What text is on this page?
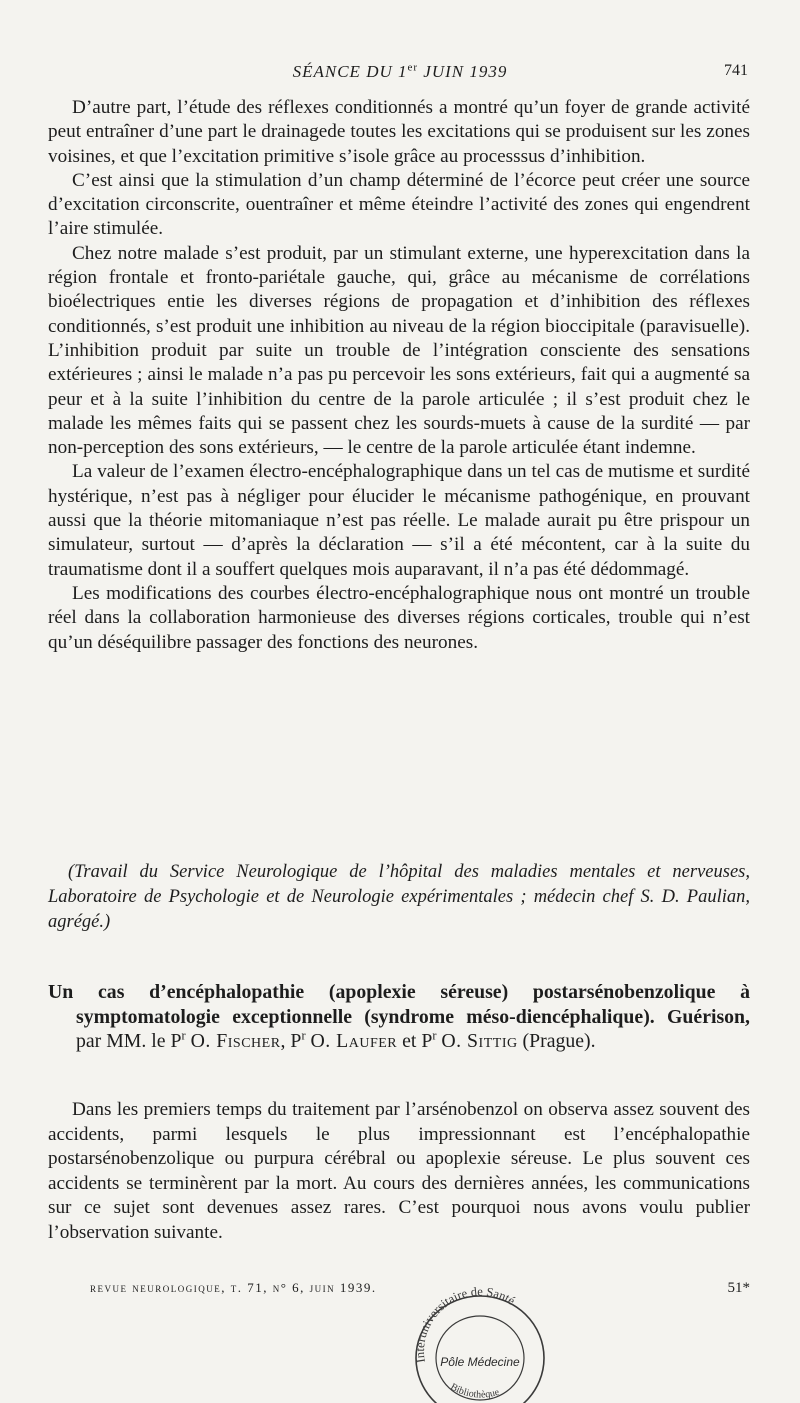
SÉANCE DU 1er JUIN 1939	741

D’autre part, l’étude des réflexes conditionnés a montré qu’un foyer de grande activité peut entraîner d’une part le drainagede toutes les excitations qui se produisent sur les zones voisines, et que l’excitation primitive s’isole grâce au processsus d’inhibition.

C’est ainsi que la stimulation d’un champ déterminé de l’écorce peut créer une source d’excitation circonscrite, ouentraîner et même éteindre l’activité des zones qui engendrent l’aire stimulée.

Chez notre malade s’est produit, par un stimulant externe, une hyperexcitation dans la région frontale et fronto-pariétale gauche, qui, grâce au mécanisme de corrélations bioélectriques entie les diverses régions de propagation et d’inhibition des réflexes conditionnés, s’est produit une inhibition au niveau de la région bioccipitale (paravisuelle). L’inhibition produit par suite un trouble de l’intégration consciente des sensations extérieures ; ainsi le malade n’a pas pu percevoir les sons extérieurs, fait qui a augmenté sa peur et à la suite l’inhibition du centre de la parole articulée ; il s’est produit chez le malade les mêmes faits qui se passent chez les sourds-muets à cause de la surdité — par non-perception des sons extérieurs, — le centre de la parole articulée étant indemne.

La valeur de l’examen électro-encéphalographique dans un tel cas de mutisme et surdité hystérique, n’est pas à négliger pour élucider le mécanisme pathogénique, en prouvant aussi que la théorie mitomaniaque n’est pas réelle. Le malade aurait pu être prispour un simulateur, surtout — d’après la déclaration — s’il a été mécontent, car à la suite du traumatisme dont il a souffert quelques mois auparavant, il n’a pas été dédommagé.

Les modifications des courbes électro-encéphalographique nous ont montré un trouble réel dans la collaboration harmonieuse des diverses régions corticales, trouble qui n’est qu’un déséquilibre passager des fonctions des neurones.

(Travail du Service Neurologique de l’hôpital des maladies mentales et nerveuses, Laboratoire de Psychologie et de Neurologie expérimentales ; médecin chef S. D. Paulian, agrégé.)

Un cas d’encéphalopathie (apoplexie séreuse) postarsénobenzolique à symptomatologie exceptionnelle (syndrome méso-diencéphalique). Guérison, par MM. le $P^r$ O. Fischer, $P^r$ O. Laufer et $P^r$ O. Sittig (Prague).

Dans les premiers temps du traitement par l’arsénobenzol on observa assez souvent des accidents, parmi lesquels le plus impressionnant est l’encéphalopathie postarsénobenzolique ou purpura cérébral ou apoplexie séreuse. Le plus souvent ces accidents se terminèrent par la mort. Au cours des dernières années, les communications sur ce sujet sont devenues assez rares. C’est pourquoi nous avons voulu publier l’observation suivante.

revue neurologique, t. 71, n° 6, juin 1939.	51*
Interuniversitaire de Santé
Bibliothèque
Pôle Médecine
